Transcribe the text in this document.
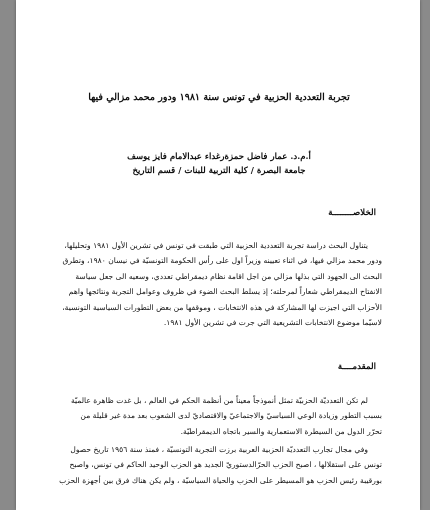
تجربة التعددية الحزبية في تونس سنة ١٩٨١ ودور محمد مزالي فيها
أ.م.د. عمار فاضل حمزةرغداء عبدالامام فايز يوسف
جامعة البصرة / كلية التربية للبنات / قسم التاريخ
الخلاصــــــــة
يتناول البحث دراسة تجربة التعددية الحزبية التي طبقت في تونس في تشرين الأول ١٩٨١ وتحليلها،
ودور محمد مزالي فيها، في اثناء تعيينه وزيراً اول على رأس الحكومة التونسيّة في نيسان ١٩٨٠، وتطرق
البحث الى الجهود التي بذلها مزالي من اجل اقامة نظام ديمقراطي تعددي، وسعيه الى جعل سياسة
الانفتاح الديمقراطي شعاراً لمرحلته؛ إذ يسلط البحث الضوء في ظروف وعوامل التجربة ونتائجها واهم
الأحزاب التي اجيزت لها المشاركة في هذه الانتخابات ، وموقفها من بعض التطورات السياسية التونسية،
لاسيّما موضوع الانتخابات التشريعية التي جرت في تشرين الأول ١٩٨١.
المقدمــــة
لم تكن التعدديّة الحزبيّة تمثل أنموذجاً معيناً من أنظمة الحكم في العالم ، بل غدت ظاهرة عالميّة
بسبب التطور وزيادة الوعي السياسيّ والاجتماعيّ والاقتصاديّ لدى الشعوب بعد مدة غير قليلة من
تحرّر الدول من السيطرة الاستعمارية والسير باتجاه الديمقراطيّة.
وفي مجال تجارب التعدديّة الحزبية العربية برزت التجربة التونسيّة ، فمنذ سنة ١٩٥٦ تاريخ حصول
تونس على استقلالها ، اصبح الحزب الحرّالدستوريّ الجديد هو الحزب الوحيد الحاكم في تونس، واصبح
بورقيبة رئيس الحزب هو المسيطر على الحزب والحياة السياسيّة ، ولم يكن هناك فرق بين أجهزة الحزب
